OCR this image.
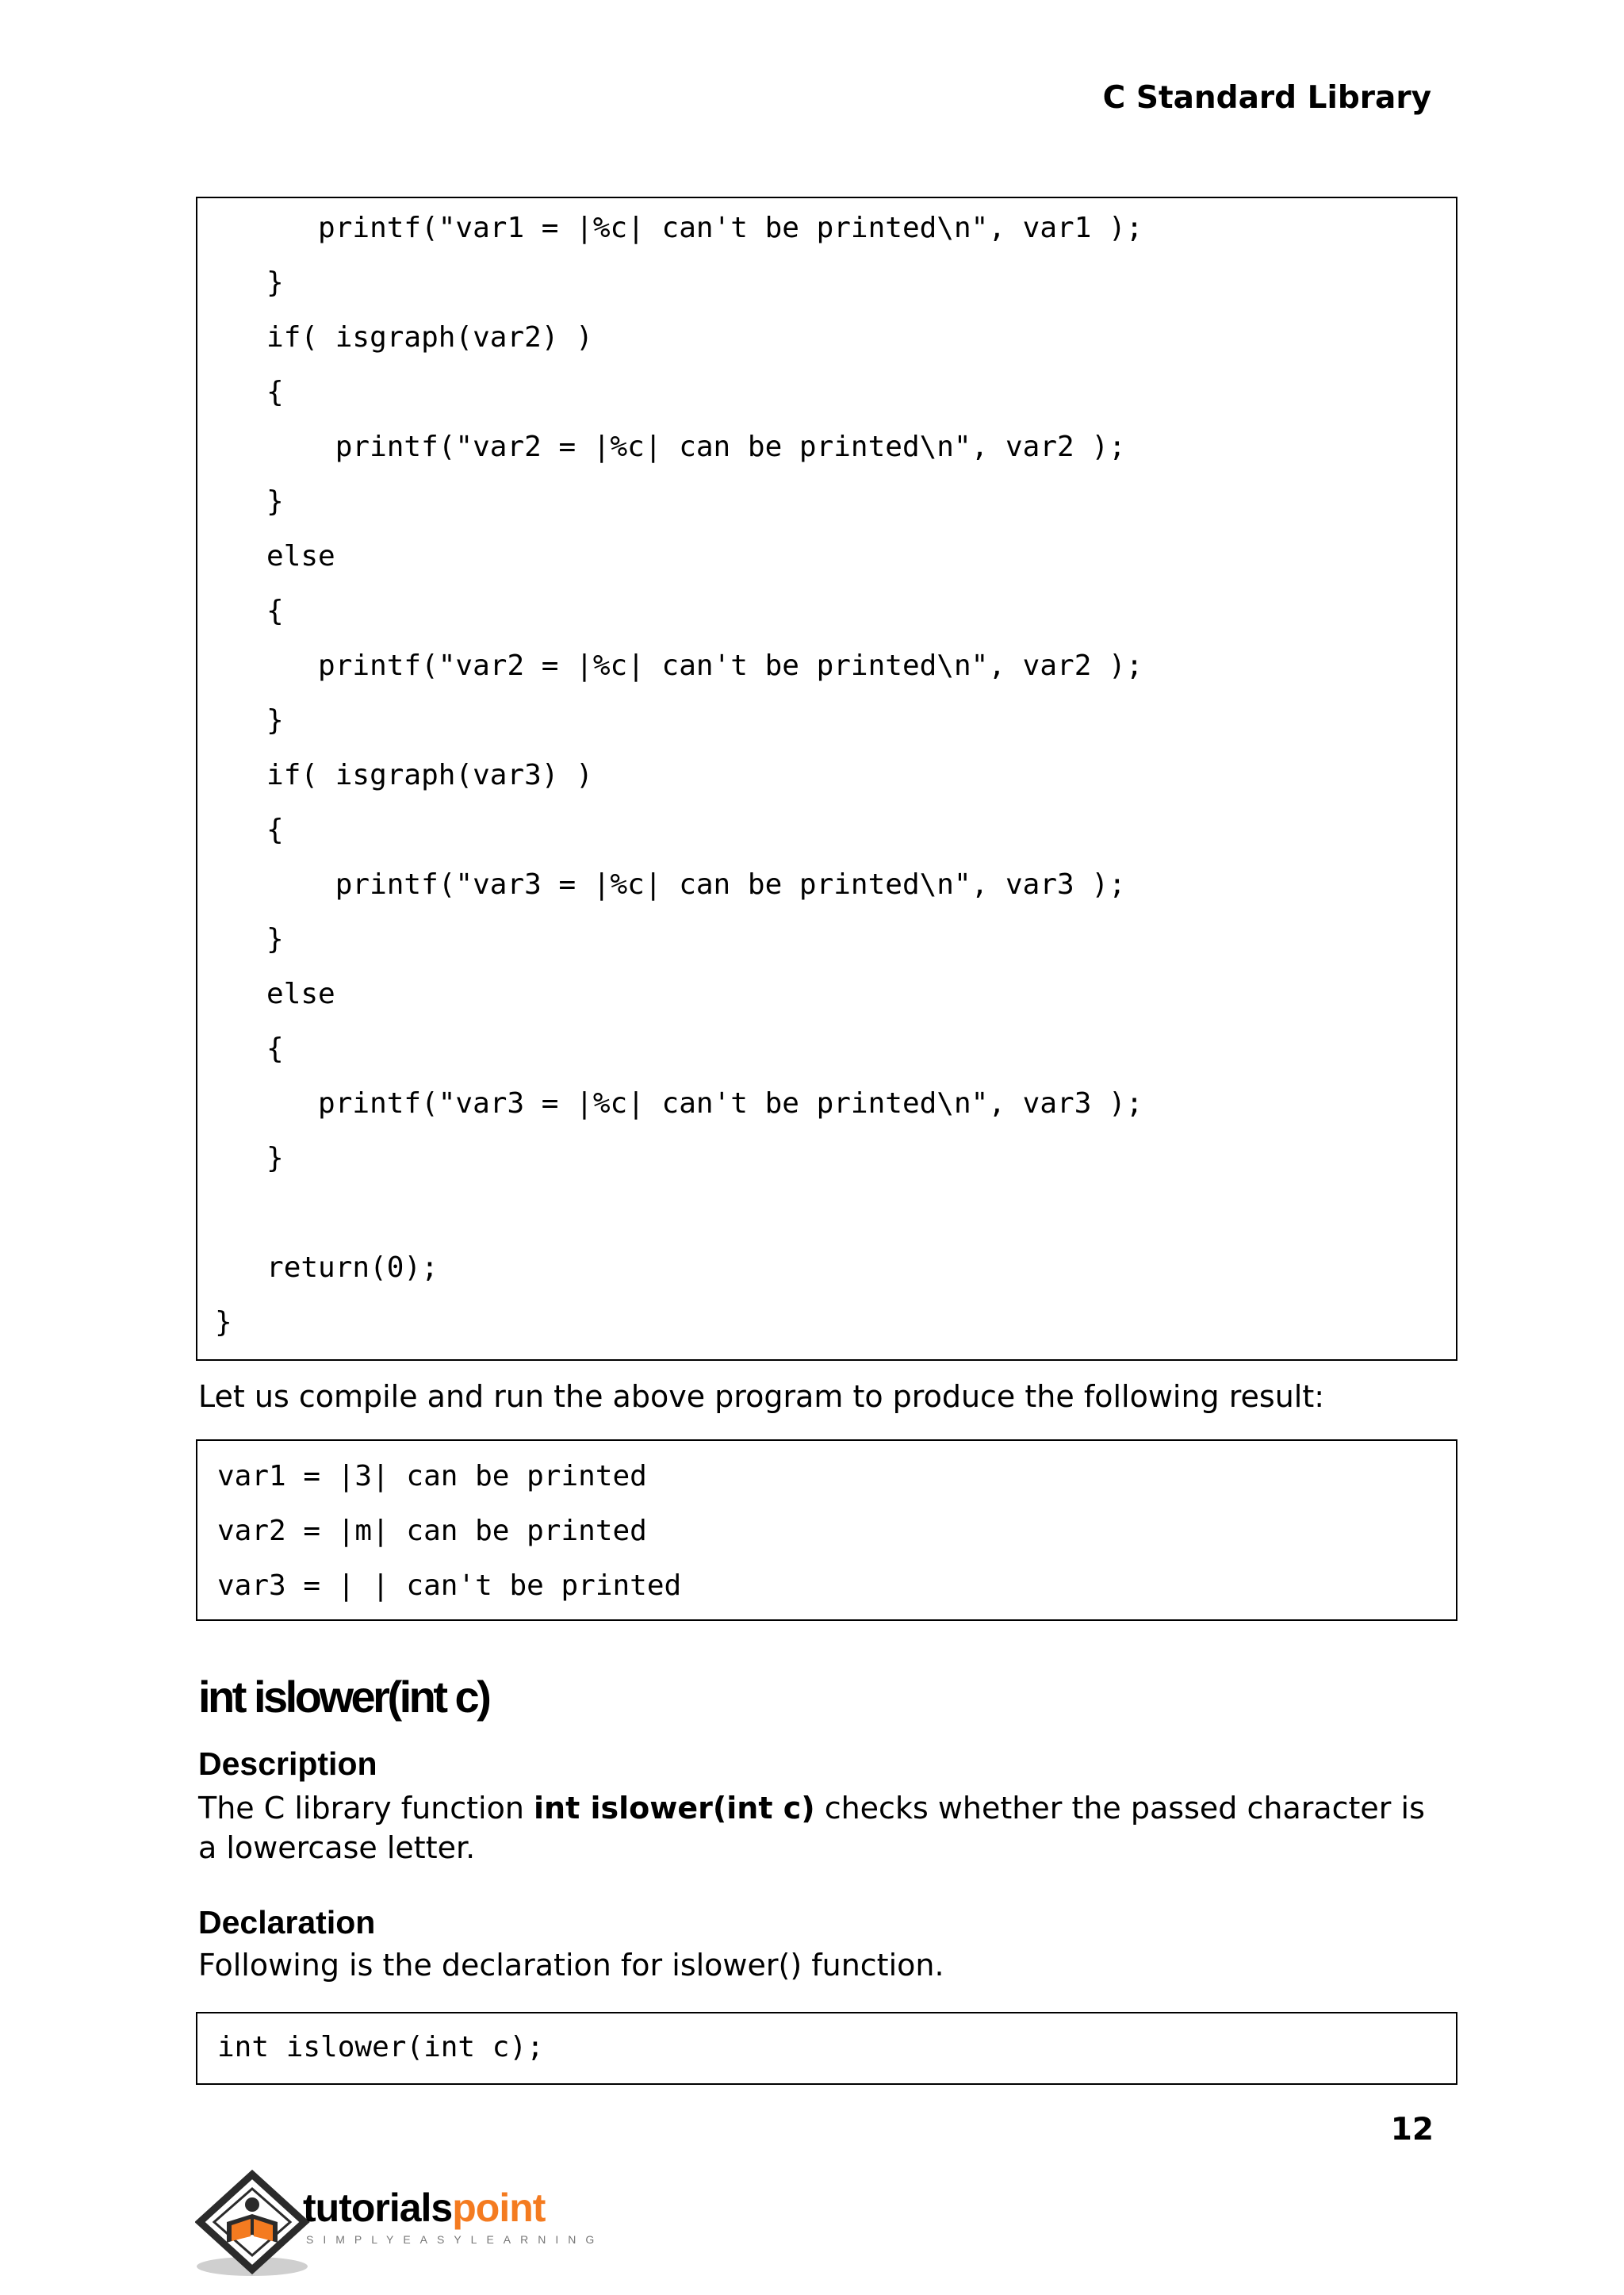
C Standard Library
printf("var1 = |%c| can't be printed\n", var1 );
}
if( isgraph(var2) )
{
printf("var2 = |%c| can be printed\n", var2 );
}
else
{
printf("var2 = |%c| can't be printed\n", var2 );
}
if( isgraph(var3) )
{
printf("var3 = |%c| can be printed\n", var3 );
}
else
{
printf("var3 = |%c| can't be printed\n", var3 );
}
return(0);
}

Let us compile and run the above program to produce the following result:

var1 = |3| can be printed
var2 = |m| can be printed
var3 = | | can't be printed
int islower(int c)
Description

The C library function int islower(int c) checks whether the passed character is

a lowercase letter.

Declaration

Following is the declaration for islower() function.

int islower(int c);

12

tutorialspoint
SIMPLYEASYLEARNING
